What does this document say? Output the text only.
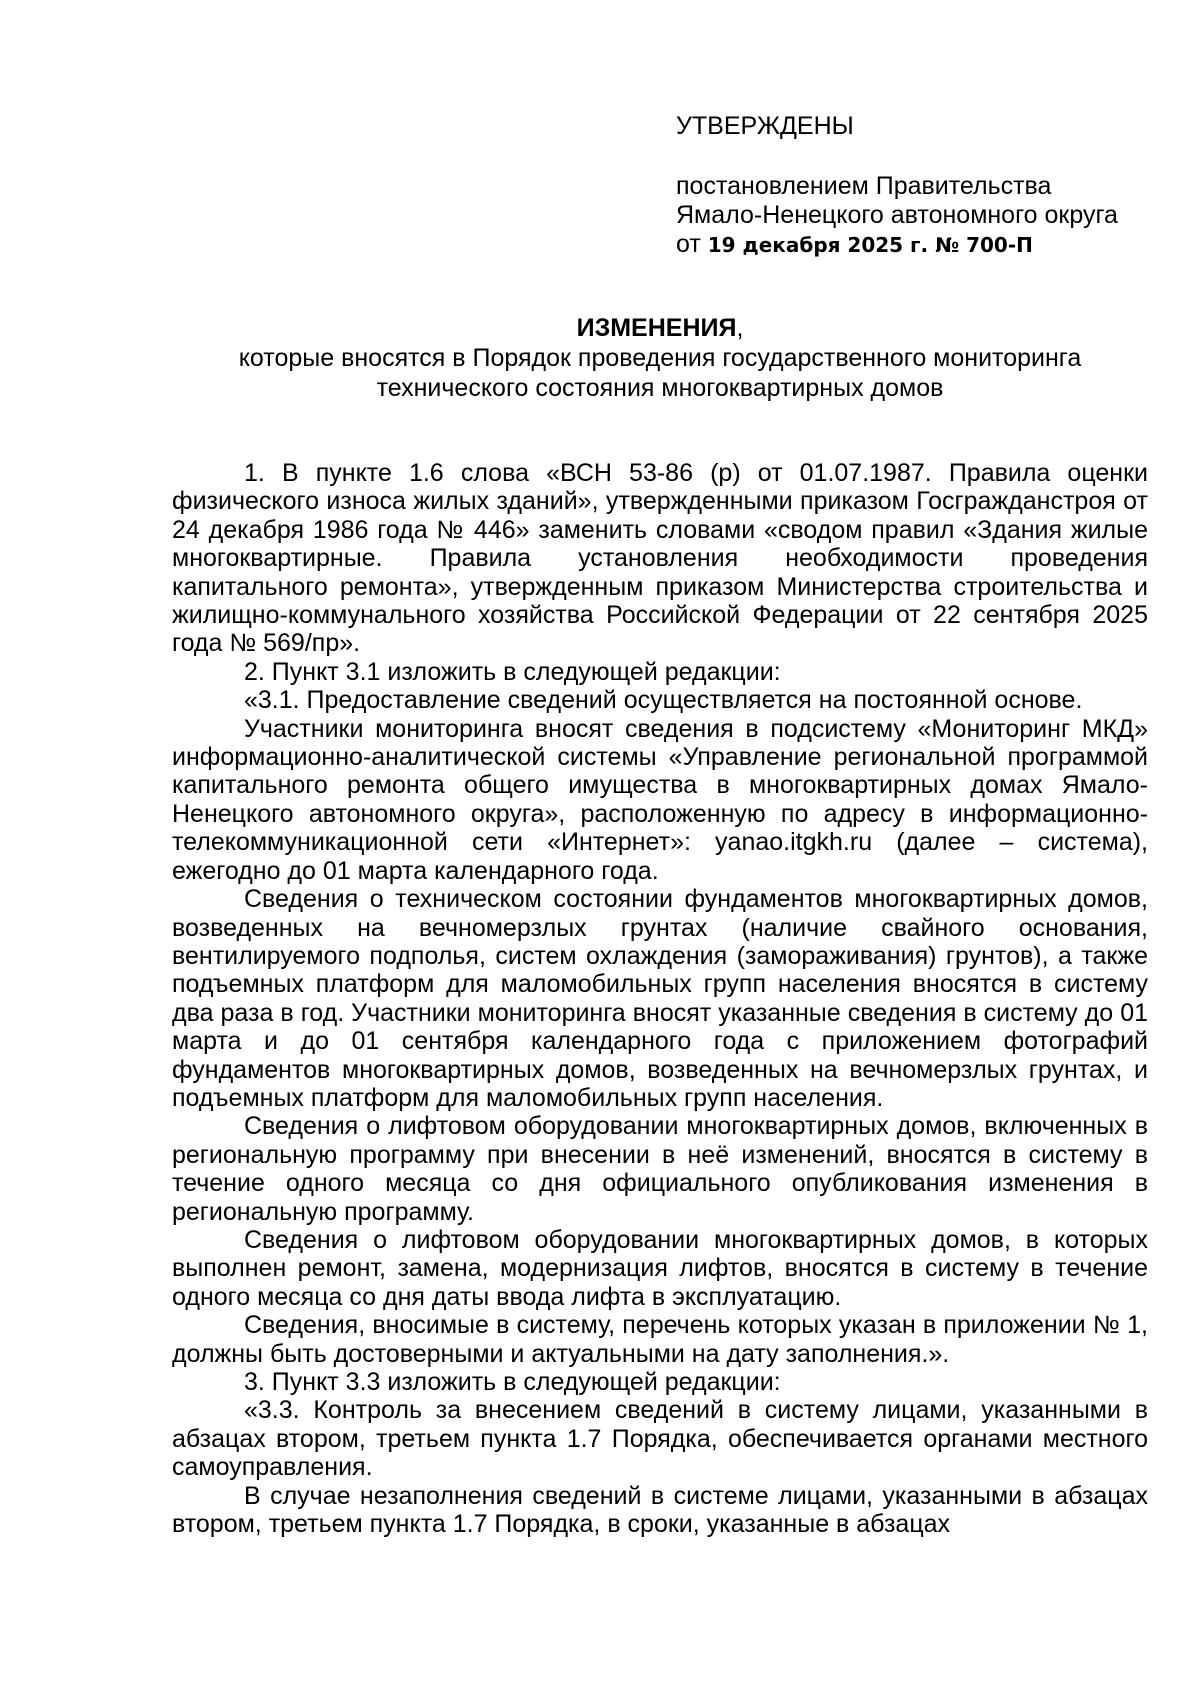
УТВЕРЖДЕНЫ
постановлением Правительства
Ямало-Ненецкого автономного округа
от 19 декабря 2025 г. № 700-П
ИЗМЕНЕНИЯ,
которые вносятся в Порядок проведения государственного мониторинга
технического состояния многоквартирных домов

1. В пункте 1.6 слова «ВСН 53-86 (р) от 01.07.1987. Правила оценки физического износа жилых зданий», утвержденными приказом Госгражданстроя от 24 декабря 1986 года № 446» заменить словами «сводом правил «Здания жилые многоквартирные. Правила установления необходимости проведения капитального ремонта», утвержденным приказом Министерства строительства и жилищно-коммунального хозяйства Российской Федерации от 22 сентября 2025 года № 569/пр».

2. Пункт 3.1 изложить в следующей редакции:

«3.1. Предоставление сведений осуществляется на постоянной основе.

Участники мониторинга вносят сведения в подсистему «Мониторинг МКД» информационно-аналитической системы «Управление региональной программой капитального ремонта общего имущества в многоквартирных домах Ямало-Ненецкого автономного округа», расположенную по адресу в информационно-телекоммуникационной сети «Интернет»: yanao.itgkh.ru (далее – система), ежегодно до 01 марта календарного года.

Сведения о техническом состоянии фундаментов многоквартирных домов, возведенных на вечномерзлых грунтах (наличие свайного основания, вентилируемого подполья, систем охлаждения (замораживания) грунтов), а также подъемных платформ для маломобильных групп населения вносятся в систему два раза в год. Участники мониторинга вносят указанные сведения в систему до 01 марта и до 01 сентября календарного года с приложением фотографий фундаментов многоквартирных домов, возведенных на вечномерзлых грунтах, и подъемных платформ для маломобильных групп населения.

Сведения о лифтовом оборудовании многоквартирных домов, включенных в региональную программу при внесении в неё изменений, вносятся в систему в течение одного месяца со дня официального опубликования изменения в региональную программу.

Сведения о лифтовом оборудовании многоквартирных домов, в которых выполнен ремонт, замена, модернизация лифтов, вносятся в систему в течение одного месяца со дня даты ввода лифта в эксплуатацию.

Сведения, вносимые в систему, перечень которых указан в приложении № 1, должны быть достоверными и актуальными на дату заполнения.».

3. Пункт 3.3 изложить в следующей редакции:

«3.3. Контроль за внесением сведений в систему лицами, указанными в абзацах втором, третьем пункта 1.7 Порядка, обеспечивается органами местного самоуправления.

В случае незаполнения сведений в системе лицами, указанными в абзацах втором, третьем пункта 1.7 Порядка, в сроки, указанные в абзацах
